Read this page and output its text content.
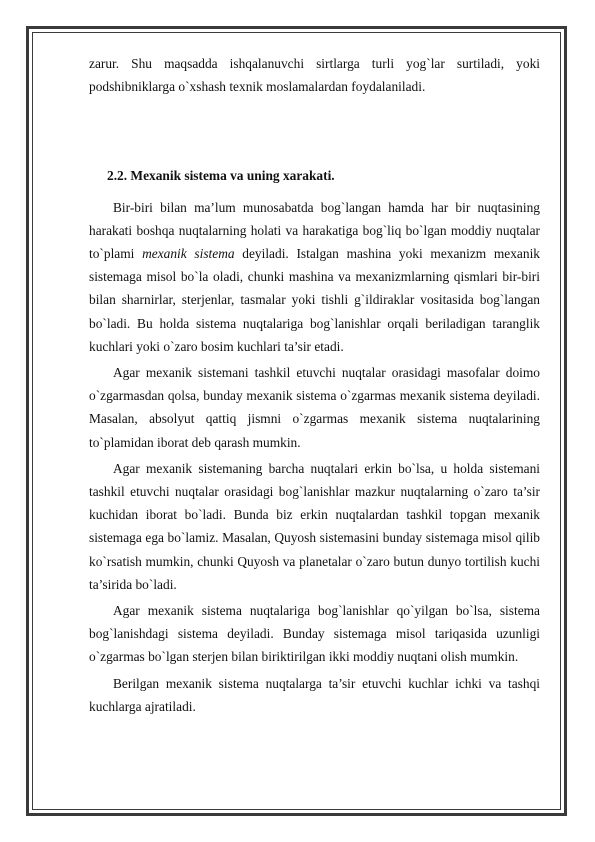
zarur. Shu maqsadda ishqalanuvchi sirtlarga turli yog`lar surtiladi, yoki podshibniklarga o`xshash texnik moslamalardan foydalaniladi.

2.2. Mexanik sistema va uning xarakati.

Bir-biri bilan ma’lum munosabatda bog`langan hamda har bir nuqtasining harakati boshqa nuqtalarning holati va harakatiga bog`liq bo`lgan moddiy nuqtalar to`plami mexanik sistema deyiladi. Istalgan mashina yoki mexanizm mexanik sistemaga misol bo`la oladi, chunki mashina va mexanizmlarning qismlari bir-biri bilan sharnirlar, sterjenlar, tasmalar yoki tishli g`ildiraklar vositasida bog`langan bo`ladi. Bu holda sistema nuqtalariga bog`lanishlar orqali beriladigan taranglik kuchlari yoki o`zaro bosim kuchlari ta’sir etadi.

Agar mexanik sistemani tashkil etuvchi nuqtalar orasidagi masofalar doimo o`zgarmasdan qolsa, bunday mexanik sistema o`zgarmas mexanik sistema deyiladi. Masalan, absolyut qattiq jismni o`zgarmas mexanik sistema nuqtalarining to`plamidan iborat deb qarash mumkin.

Agar mexanik sistemaning barcha nuqtalari erkin bo`lsa, u holda sistemani tashkil etuvchi nuqtalar orasidagi bog`lanishlar mazkur nuqtalarning o`zaro ta’sir kuchidan iborat bo`ladi. Bunda biz erkin nuqtalardan tashkil topgan mexanik sistemaga ega bo`lamiz. Masalan, Quyosh sistemasini bunday sistemaga misol qilib ko`rsatish mumkin, chunki Quyosh va planetalar o`zaro butun dunyo tortilish kuchi ta’sirida bo`ladi.

Agar mexanik sistema nuqtalariga bog`lanishlar qo`yilgan bo`lsa, sistema bog`lanishdagi sistema deyiladi. Bunday sistemaga misol tariqasida uzunligi o`zgarmas bo`lgan sterjen bilan biriktirilgan ikki moddiy nuqtani olish mumkin.

Berilgan mexanik sistema nuqtalarga ta’sir etuvchi kuchlar ichki va tashqi kuchlarga ajratiladi.
